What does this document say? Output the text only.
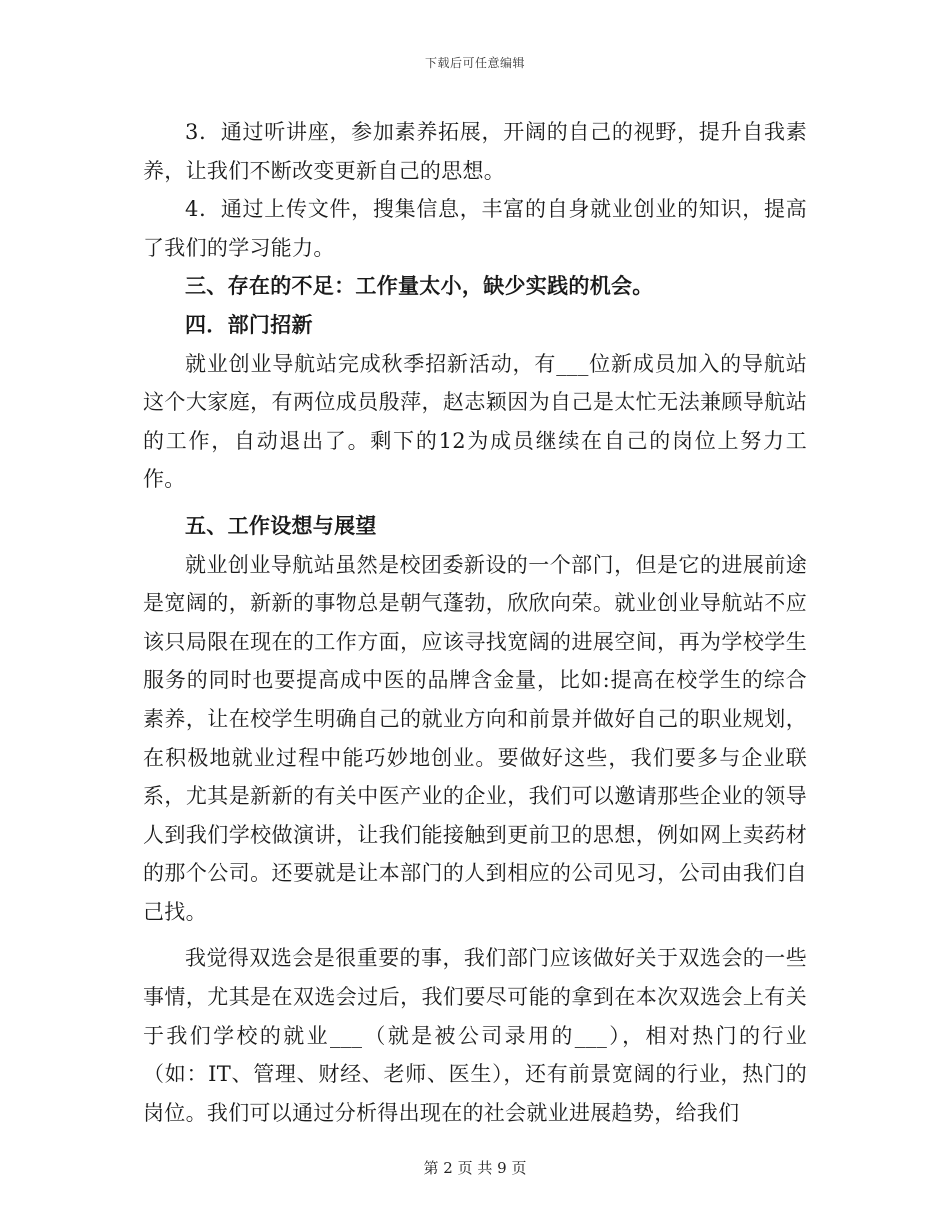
下载后可任意编辑

3．通过听讲座，参加素养拓展，开阔的自己的视野，提升自我素养，让我们不断改变更新自己的思想。

4．通过上传文件，搜集信息，丰富的自身就业创业的知识，提高了我们的学习能力。

三、存在的不足：工作量太小，缺少实践的机会。

四．部门招新

就业创业导航站完成秋季招新活动，有___位新成员加入的导航站这个大家庭，有两位成员殷萍，赵志颖因为自己是太忙无法兼顾导航站的工作，自动退出了。剩下的12为成员继续在自己的岗位上努力工作。

五、工作设想与展望

就业创业导航站虽然是校团委新设的一个部门，但是它的进展前途是宽阔的，新新的事物总是朝气蓬勃，欣欣向荣。就业创业导航站不应该只局限在现在的工作方面，应该寻找宽阔的进展空间，再为学校学生服务的同时也要提高成中医的品牌含金量，比如:提高在校学生的综合素养，让在校学生明确自己的就业方向和前景并做好自己的职业规划，在积极地就业过程中能巧妙地创业。要做好这些，我们要多与企业联系，尤其是新新的有关中医产业的企业，我们可以邀请那些企业的领导人到我们学校做演讲，让我们能接触到更前卫的思想，例如网上卖药材的那个公司。还要就是让本部门的人到相应的公司见习，公司由我们自己找。

我觉得双选会是很重要的事，我们部门应该做好关于双选会的一些事情，尤其是在双选会过后，我们要尽可能的拿到在本次双选会上有关于我们学校的就业___（就是被公司录用的___），相对热门的行业（如：IT、管理、财经、老师、医生），还有前景宽阔的行业，热门的岗位。我们可以通过分析得出现在的社会就业进展趋势，给我们

第 2 页 共 9 页
